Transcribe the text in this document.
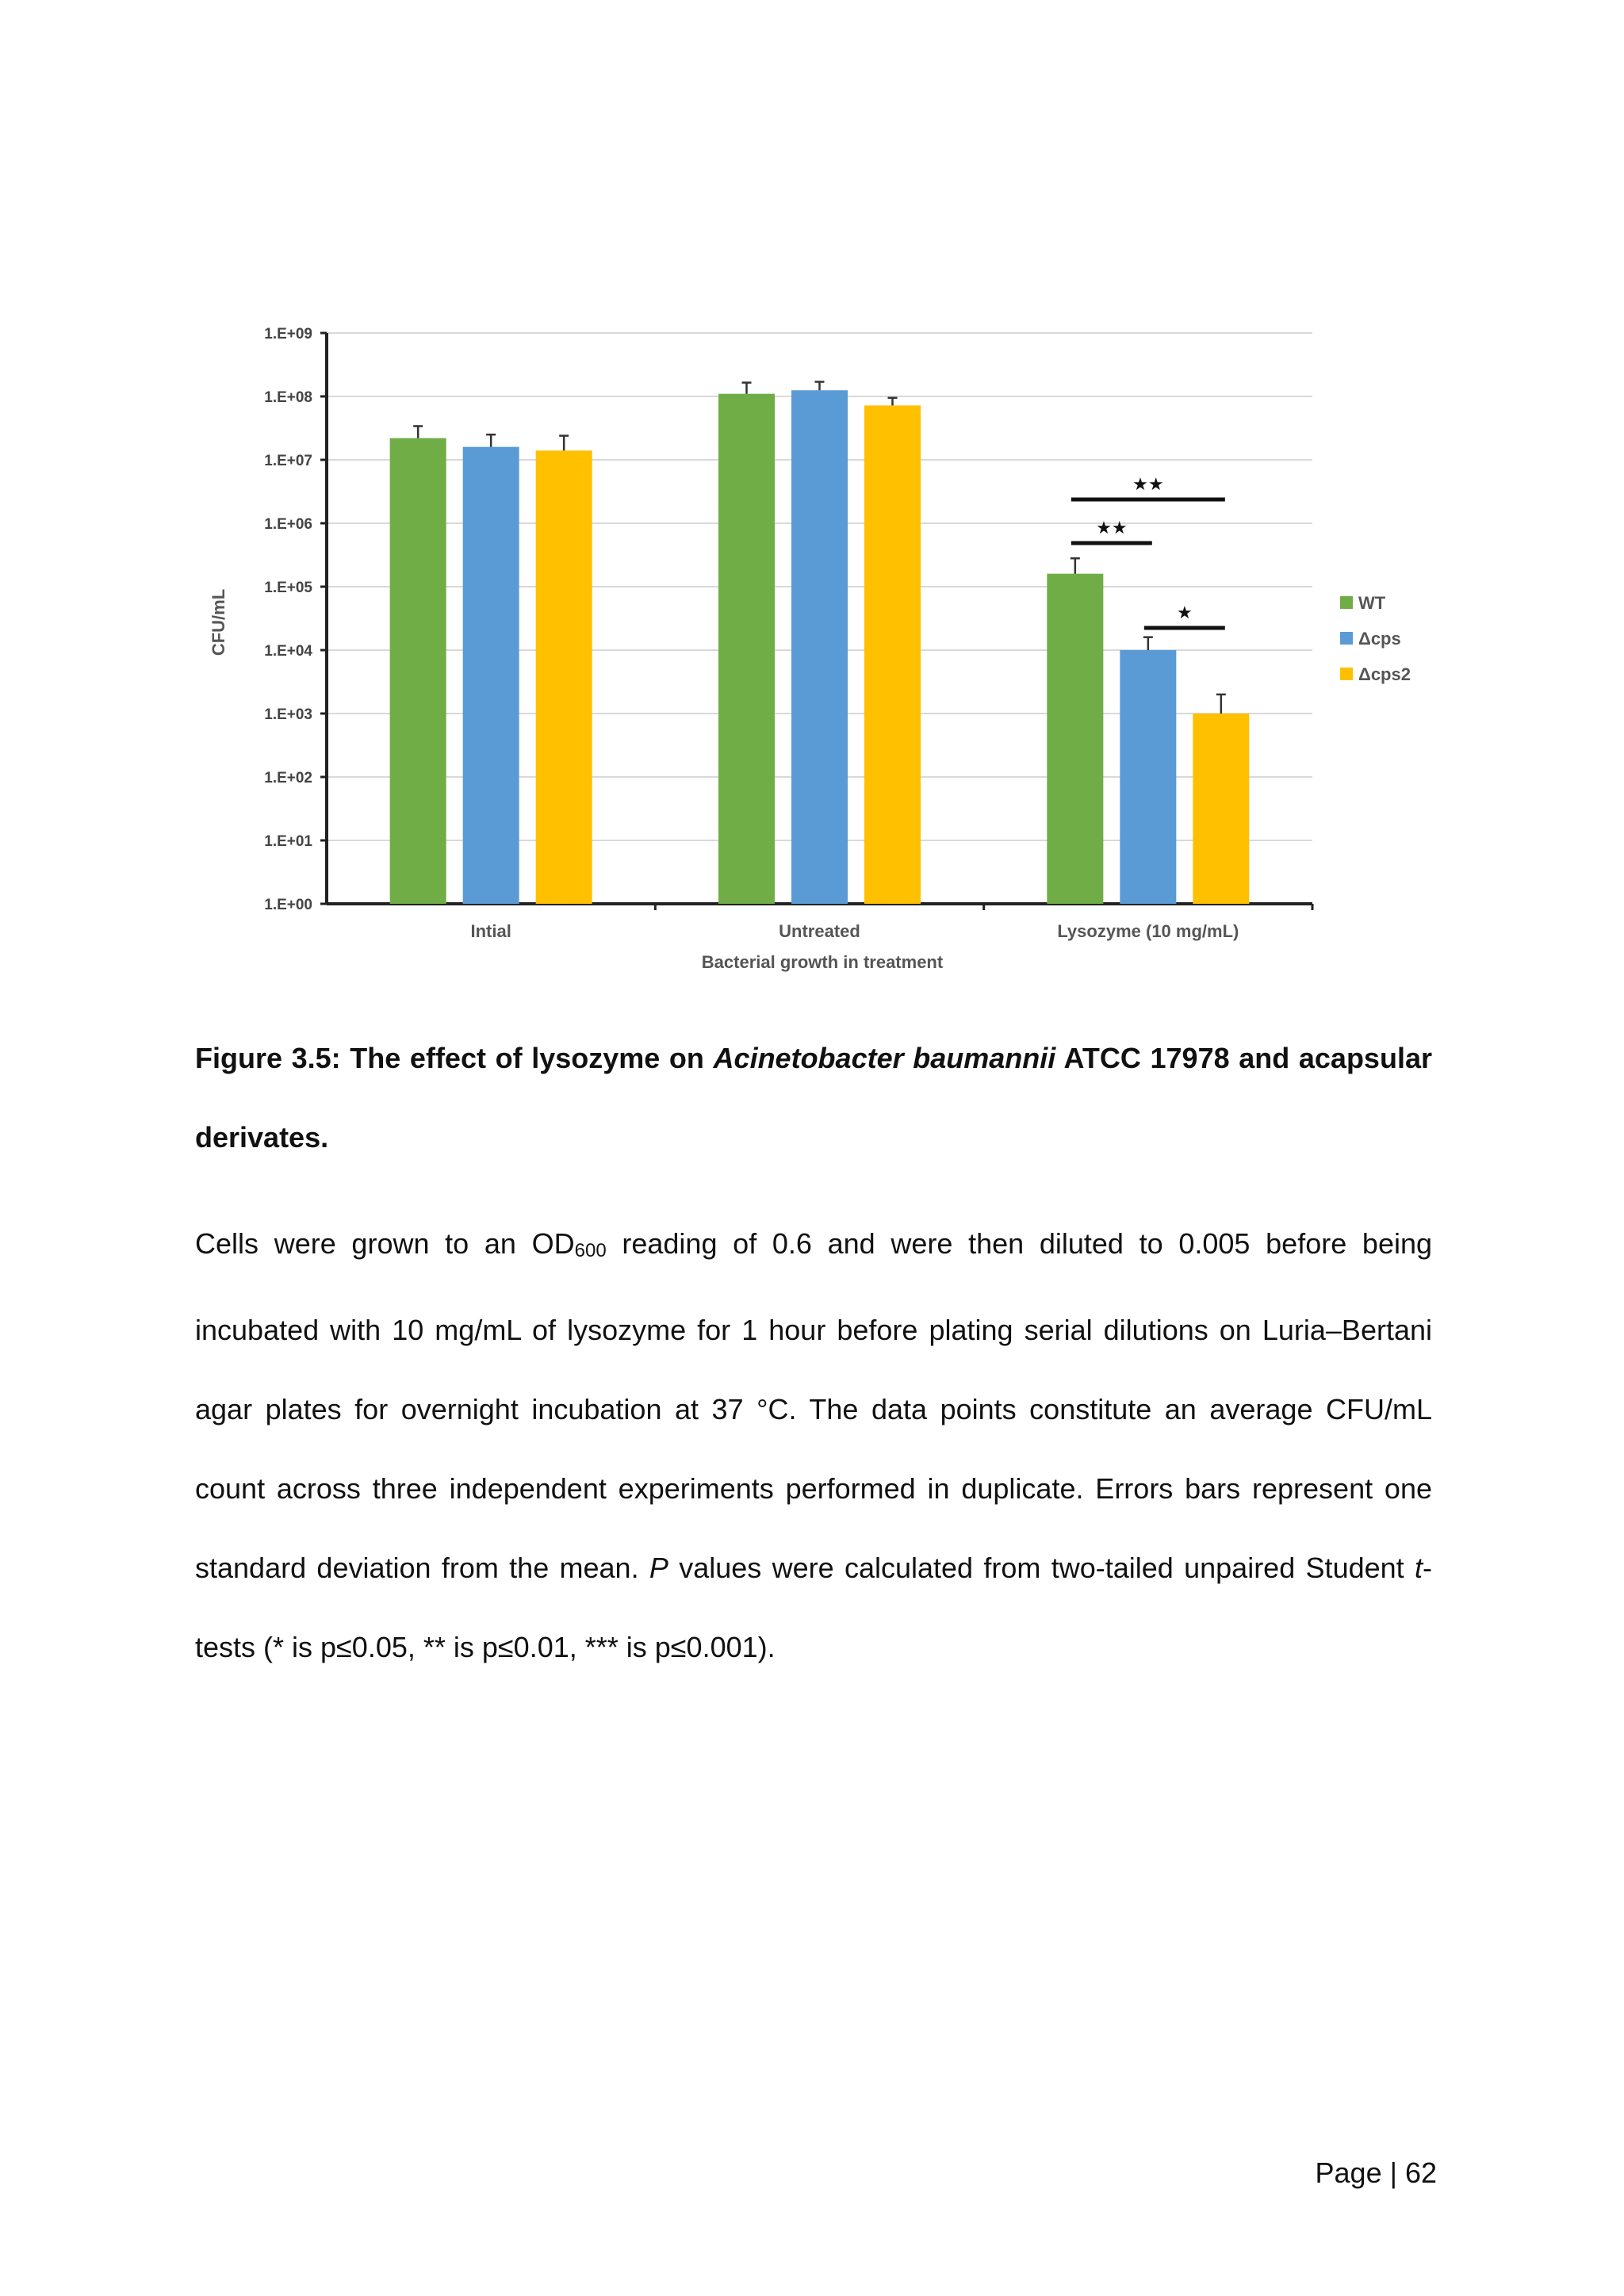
1.E+00
1.E+01
1.E+02
1.E+03
1.E+04
1.E+05
1.E+06
1.E+07
1.E+08
1.E+09
Intial	Untreated	Lysozyme (10 mg/mL)
★★
★★
★	WT
Δcps
Δcps2
CFU/mL
Bacterial growth in treatment

Figure 3.5: The effect of lysozyme on Acinetobacter baumannii ATCC 17978 and acapsular derivates.

Cells were grown to an $OD_{600}$ reading of 0.6 and were then diluted to 0.005 before being incubated with 10 mg/mL of lysozyme for 1 hour before plating serial dilutions on Luria–Bertani agar plates for overnight incubation at 37 °C. The data points constitute an average CFU/mL count across three independent experiments performed in duplicate. Errors bars represent one standard deviation from the mean. P values were calculated from two-tailed unpaired Student t-tests (* is p≤0.05, ** is p≤0.01, *** is p≤0.001).

Page | 62
